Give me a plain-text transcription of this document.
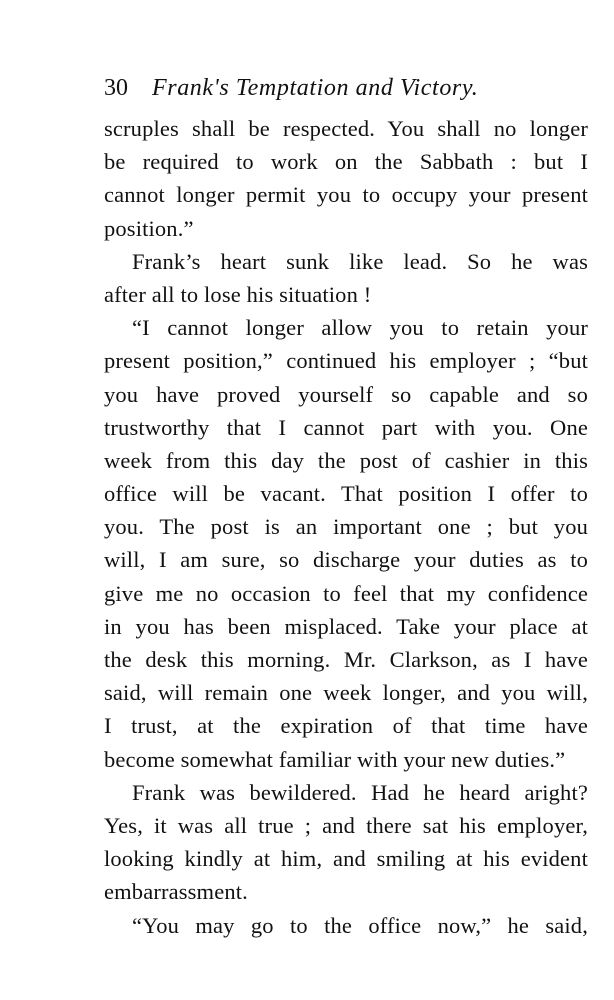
30 Frank's Temptation and Victory.
scruples shall be respected. You shall no longer
be required to work on the Sabbath : but I
cannot longer permit you to occupy your present
position.”
Frank’s heart sunk like lead. So he was
after all to lose his situation !
“I cannot longer allow you to retain your
present position,” continued his employer ; “but
you have proved yourself so capable and so
trustworthy that I cannot part with you. One
week from this day the post of cashier in this
office will be vacant. That position I offer to
you. The post is an important one ; but you
will, I am sure, so discharge your duties as to
give me no occasion to feel that my confidence
in you has been misplaced. Take your place at
the desk this morning. Mr. Clarkson, as I have
said, will remain one week longer, and you will,
I trust, at the expiration of that time have
become somewhat familiar with your new duties.”
Frank was bewildered. Had he heard aright?
Yes, it was all true ; and there sat his employer,
looking kindly at him, and smiling at his evident
embarrassment.
“You may go to the office now,” he said,
